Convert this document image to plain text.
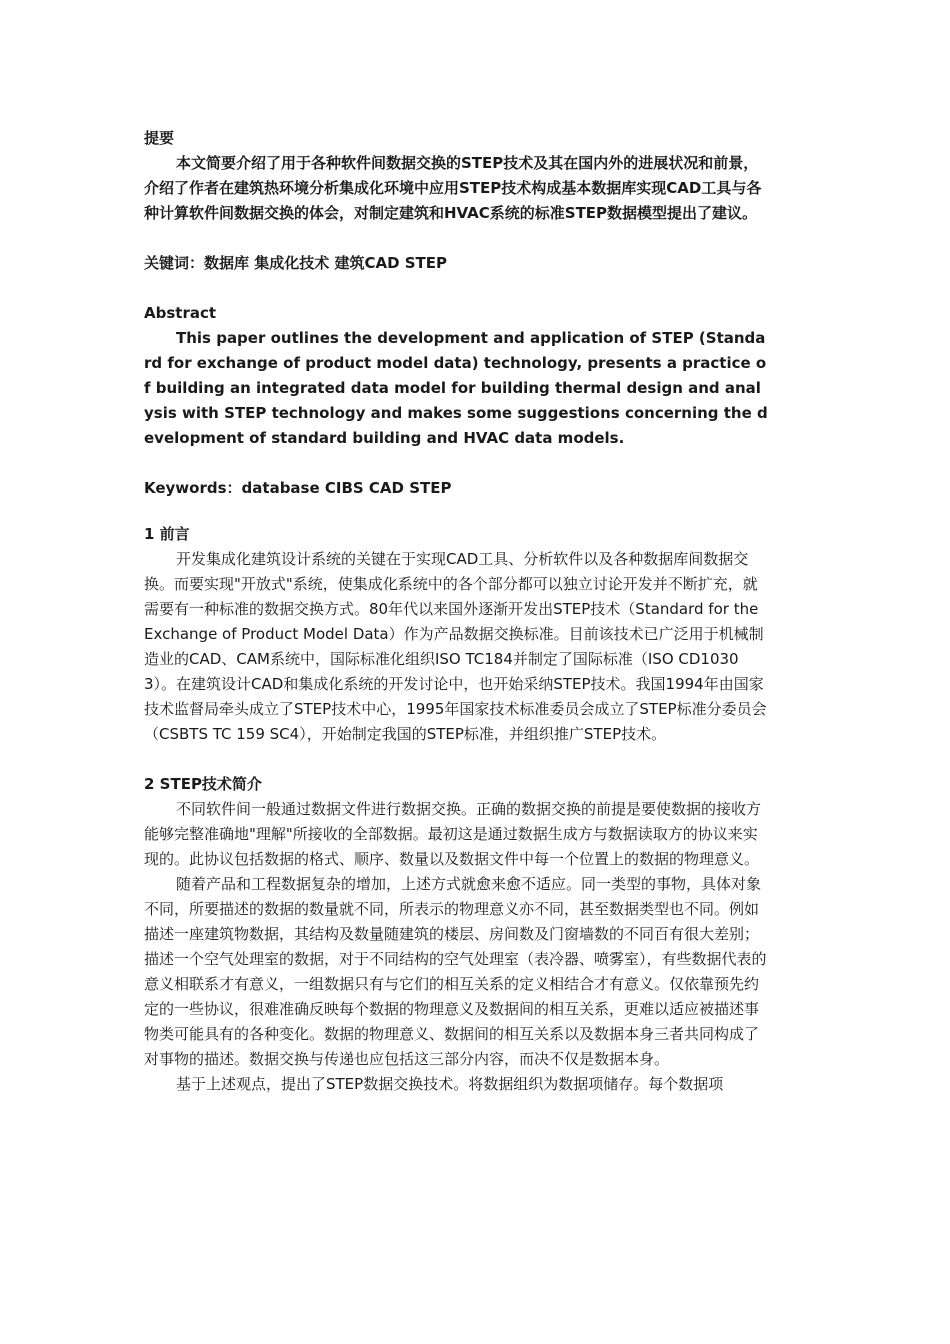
提要

本文简要介绍了用于各种软件间数据交换的STEP技术及其在国内外的进展状况和前景，介绍了作者在建筑热环境分析集成化环境中应用STEP技术构成基本数据库实现CAD工具与各种计算软件间数据交换的体会，对制定建筑和HVAC系统的标准STEP数据模型提出了建议。

关键词：数据库 集成化技术 建筑CAD STEP

Abstract

This paper outlines the development and application of STEP (Standard for exchange of product model data) technology, presents a practice of building an integrated data model for building thermal design and analysis with STEP technology and makes some suggestions concerning the development of standard building and HVAC data models.

Keywords：database CIBS CAD STEP

1 前言

开发集成化建筑设计系统的关键在于实现CAD工具、分析软件以及各种数据库间数据交换。而要实现"开放式"系统，使集成化系统中的各个部分都可以独立讨论开发并不断扩充，就需要有一种标准的数据交换方式。80年代以来国外逐渐开发出STEP技术（Standard for the Exchange of Product Model Data）作为产品数据交换标准。目前该技术已广泛用于机械制造业的CAD、CAM系统中，国际标准化组织ISO TC184并制定了国际标准（ISO CD10303）。在建筑设计CAD和集成化系统的开发讨论中，也开始采纳STEP技术。我国1994年由国家技术监督局牵头成立了STEP技术中心，1995年国家技术标准委员会成立了STEP标准分委员会（CSBTS TC 159 SC4），开始制定我国的STEP标准，并组织推广STEP技术。

2 STEP技术简介

不同软件间一般通过数据文件进行数据交换。正确的数据交换的前提是要使数据的接收方能够完整准确地"理解"所接收的全部数据。最初这是通过数据生成方与数据读取方的协议来实现的。此协议包括数据的格式、顺序、数量以及数据文件中每一个位置上的数据的物理意义。

随着产品和工程数据复杂的增加，上述方式就愈来愈不适应。同一类型的事物，具体对象不同，所要描述的数据的数量就不同，所表示的物理意义亦不同，甚至数据类型也不同。例如描述一座建筑物数据，其结构及数量随建筑的楼层、房间数及门窗墙数的不同百有很大差别；描述一个空气处理室的数据，对于不同结构的空气处理室（表冷器、喷雾室），有些数据代表的意义相联系才有意义，一组数据只有与它们的相互关系的定义相结合才有意义。仅依靠预先约定的一些协议，很难准确反映每个数据的物理意义及数据间的相互关系，更难以适应被描述事物类可能具有的各种变化。数据的物理意义、数据间的相互关系以及数据本身三者共同构成了对事物的描述。数据交换与传递也应包括这三部分内容，而决不仅是数据本身。

基于上述观点，提出了STEP数据交换技术。将数据组织为数据项储存。每个数据项
